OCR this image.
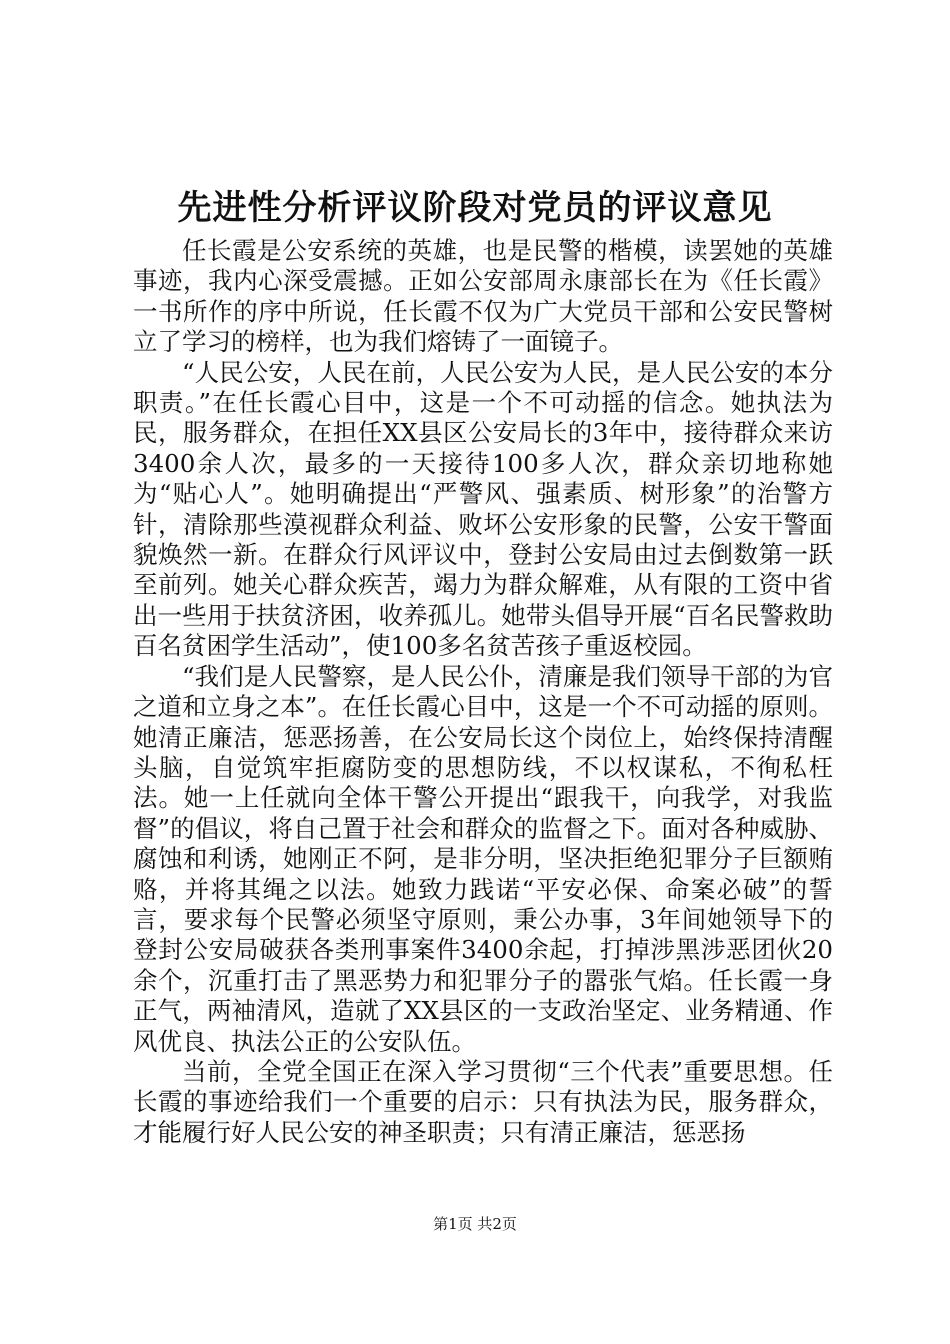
先进性分析评议阶段对党员的评议意见

任长霞是公安系统的英雄，也是民警的楷模，读罢她的英雄事迹，我内心深受震撼。正如公安部周永康部长在为《任长霞》一书所作的序中所说，任长霞不仅为广大党员干部和公安民警树立了学习的榜样，也为我们熔铸了一面镜子。

“人民公安，人民在前，人民公安为人民，是人民公安的本分职责。”在任长霞心目中，这是一个不可动摇的信念。她执法为民，服务群众，在担任XX县区公安局长的3年中，接待群众来访3400余人次，最多的一天接待100多人次，群众亲切地称她为“贴心人”。她明确提出“严警风、强素质、树形象”的治警方针，清除那些漠视群众利益、败坏公安形象的民警，公安干警面貌焕然一新。在群众行风评议中，登封公安局由过去倒数第一跃至前列。她关心群众疾苦，竭力为群众解难，从有限的工资中省出一些用于扶贫济困，收养孤儿。她带头倡导开展“百名民警救助百名贫困学生活动”，使100多名贫苦孩子重返校园。

“我们是人民警察，是人民公仆，清廉是我们领导干部的为官之道和立身之本”。在任长霞心目中，这是一个不可动摇的原则。她清正廉洁，惩恶扬善，在公安局长这个岗位上，始终保持清醒头脑，自觉筑牢拒腐防变的思想防线，不以权谋私，不徇私枉法。她一上任就向全体干警公开提出“跟我干，向我学，对我监督”的倡议，将自己置于社会和群众的监督之下。面对各种威胁、腐蚀和利诱，她刚正不阿，是非分明，坚决拒绝犯罪分子巨额贿赂，并将其绳之以法。她致力践诺“平安必保、命案必破”的誓言，要求每个民警必须坚守原则，秉公办事，3年间她领导下的登封公安局破获各类刑事案件3400余起，打掉涉黑涉恶团伙20余个，沉重打击了黑恶势力和犯罪分子的嚣张气焰。任长霞一身正气，两袖清风，造就了XX县区的一支政治坚定、业务精通、作风优良、执法公正的公安队伍。

当前，全党全国正在深入学习贯彻“三个代表”重要思想。任长霞的事迹给我们一个重要的启示：只有执法为民，服务群众，才能履行好人民公安的神圣职责；只有清正廉洁，惩恶扬

第1页 共2页
